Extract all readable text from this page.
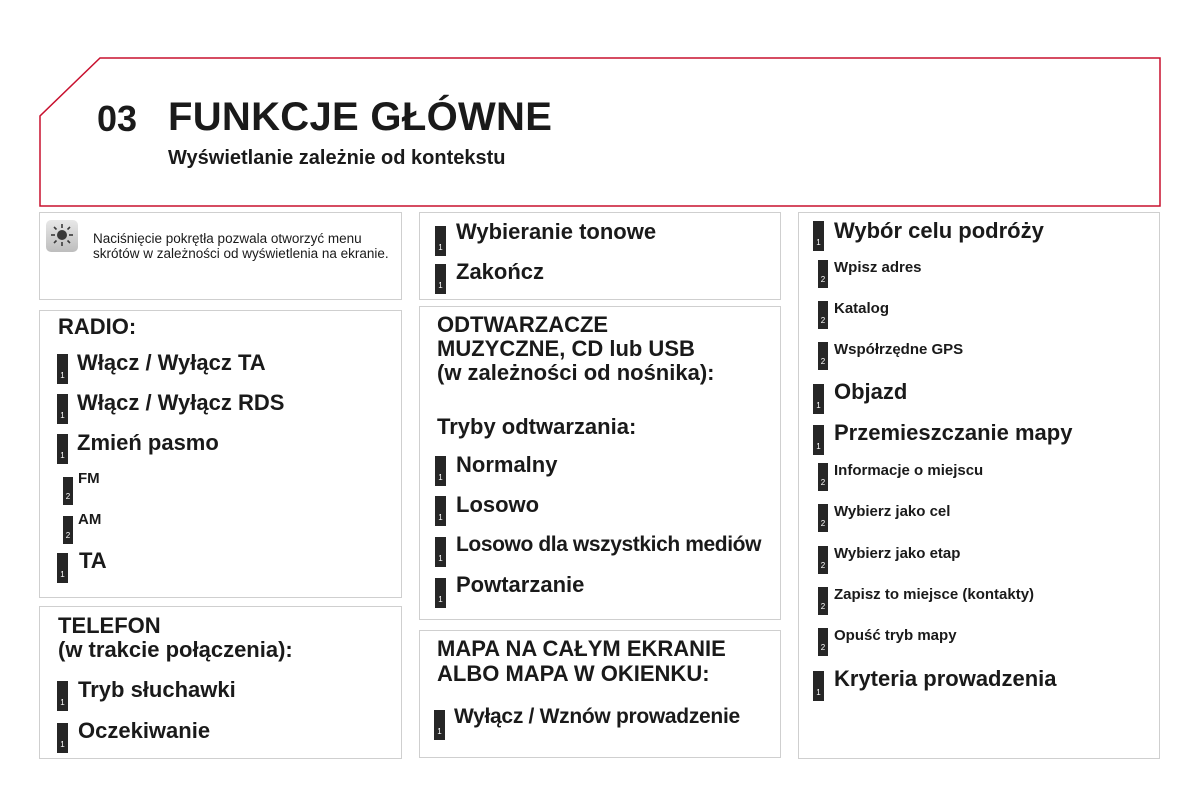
03 FUNKCJE GŁÓWNE
Wyświetlanie zależnie od kontekstu
Naciśnięcie pokrętła pozwala otworzyć menu skrótów w zależności od wyświetlenia na ekranie.
RADIO:
1
Włącz / Wyłącz TA
1
Włącz / Wyłącz RDS
1
Zmień pasmo
2
FM
2
AM
1
TA
TELEFON
(w trakcie połączenia):
1
Tryb słuchawki
1
Oczekiwanie
1
Wybieranie tonowe
1
Zakończ
ODTWARZACZE
MUZYCZNE, CD lub USB
(w zależności od nośnika):
Tryby odtwarzania:
1
Normalny
1
Losowo
1
Losowo dla wszystkich mediów
1
Powtarzanie
MAPA NA CAŁYM EKRANIE
ALBO MAPA W OKIENKU:
1
Wyłącz / Wznów prowadzenie
1 Wybór celu podróży
2
Wpisz adres
2
Katalog
2
Współrzędne GPS
1
Objazd
1
Przemieszczanie mapy
2
Informacje o miejscu
2
Wybierz jako cel
2
Wybierz jako etap
2
Zapisz to miejsce (kontakty)
2
Opuść tryb mapy
1
Kryteria prowadzenia
